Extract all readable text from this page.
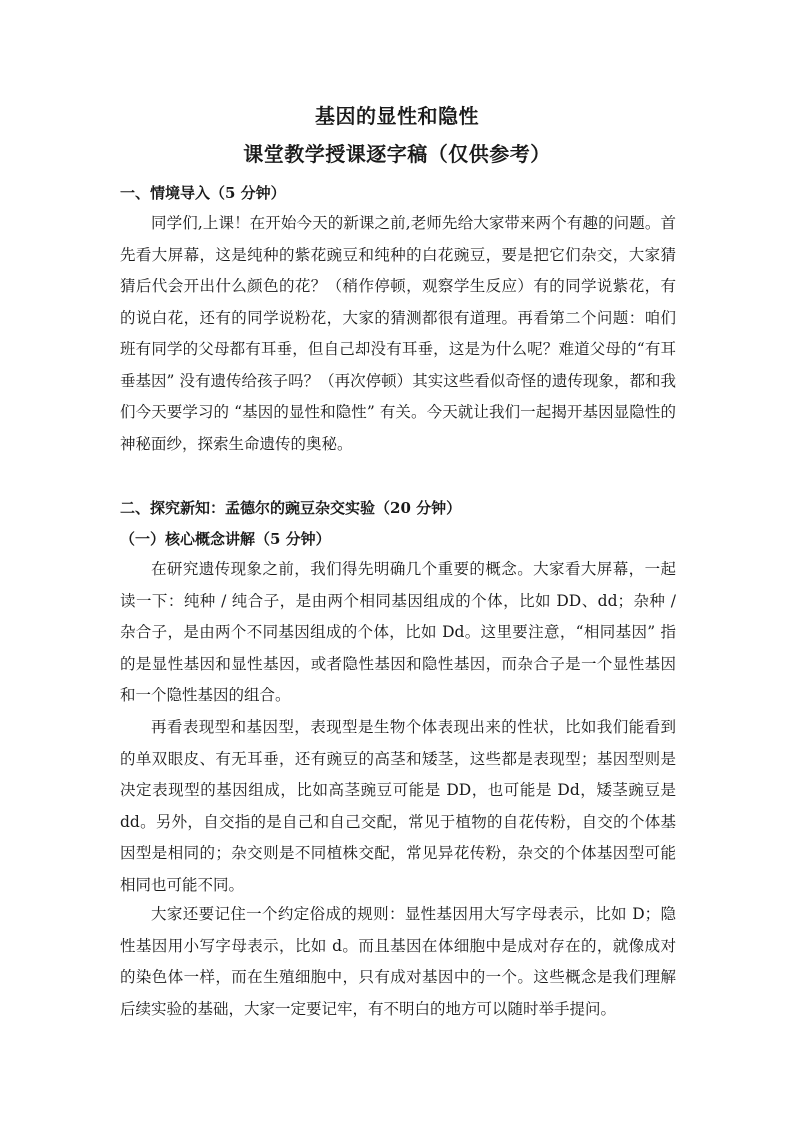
基因的显性和隐性
课堂教学授课逐字稿（仅供参考）
一、情境导入（5 分钟）

同学们,上课！在开始今天的新课之前,老师先给大家带来两个有趣的问题。首先看大屏幕，这是纯种的紫花豌豆和纯种的白花豌豆，要是把它们杂交，大家猜猜后代会开出什么颜色的花？（稍作停顿，观察学生反应）有的同学说紫花，有的说白花，还有的同学说粉花，大家的猜测都很有道理。再看第二个问题：咱们班有同学的父母都有耳垂，但自己却没有耳垂，这是为什么呢？难道父母的“有耳垂基因” 没有遗传给孩子吗？（再次停顿）其实这些看似奇怪的遗传现象，都和我们今天要学习的 “基因的显性和隐性” 有关。今天就让我们一起揭开基因显隐性的神秘面纱，探索生命遗传的奥秘。

二、探究新知：孟德尔的豌豆杂交实验（20 分钟）
（一）核心概念讲解（5 分钟）

在研究遗传现象之前，我们得先明确几个重要的概念。大家看大屏幕，一起读一下：纯种 / 纯合子，是由两个相同基因组成的个体，比如 DD、dd；杂种 / 杂合子，是由两个不同基因组成的个体，比如 Dd。这里要注意，“相同基因” 指的是显性基因和显性基因，或者隐性基因和隐性基因，而杂合子是一个显性基因和一个隐性基因的组合。

再看表现型和基因型，表现型是生物个体表现出来的性状，比如我们能看到的单双眼皮、有无耳垂，还有豌豆的高茎和矮茎，这些都是表现型；基因型则是决定表现型的基因组成，比如高茎豌豆可能是 DD，也可能是 Dd，矮茎豌豆是dd。另外，自交指的是自己和自己交配，常见于植物的自花传粉，自交的个体基因型是相同的；杂交则是不同植株交配，常见异花传粉，杂交的个体基因型可能相同也可能不同。

大家还要记住一个约定俗成的规则：显性基因用大写字母表示，比如 D；隐性基因用小写字母表示，比如 d。而且基因在体细胞中是成对存在的，就像成对的染色体一样，而在生殖细胞中，只有成对基因中的一个。这些概念是我们理解后续实验的基础，大家一定要记牢，有不明白的地方可以随时举手提问。
